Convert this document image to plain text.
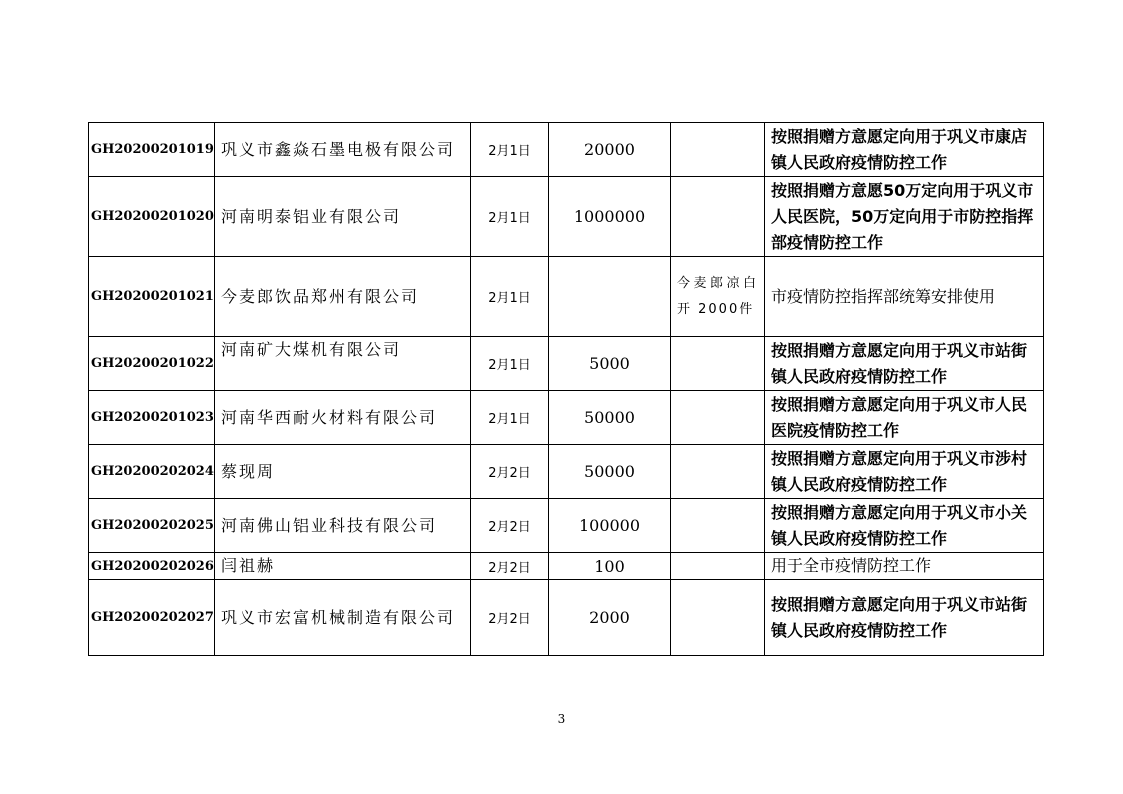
GH20200201019	巩义市鑫焱石墨电极有限公司	2月1日	20000		按照捐赠方意愿定向用于巩义市康店镇人民政府疫情防控工作
GH20200201020	河南明泰铝业有限公司	2月1日	1000000		按照捐赠方意愿50万定向用于巩义市人民医院，50万定向用于市防控指挥部疫情防控工作
GH20200201021	今麦郎饮品郑州有限公司	2月1日		今麦郎凉白开 2000件	市疫情防控指挥部统筹安排使用
GH20200201022	河南矿大煤机有限公司	2月1日	5000		按照捐赠方意愿定向用于巩义市站街镇人民政府疫情防控工作
GH20200201023	河南华西耐火材料有限公司	2月1日	50000		按照捐赠方意愿定向用于巩义市人民医院疫情防控工作
GH20200202024	蔡现周	2月2日	50000		按照捐赠方意愿定向用于巩义市涉村镇人民政府疫情防控工作
GH20200202025	河南佛山铝业科技有限公司	2月2日	100000		按照捐赠方意愿定向用于巩义市小关镇人民政府疫情防控工作
GH20200202026	闫祖赫	2月2日	100		用于全市疫情防控工作
GH20200202027	巩义市宏富机械制造有限公司	2月2日	2000		按照捐赠方意愿定向用于巩义市站街镇人民政府疫情防控工作
3
